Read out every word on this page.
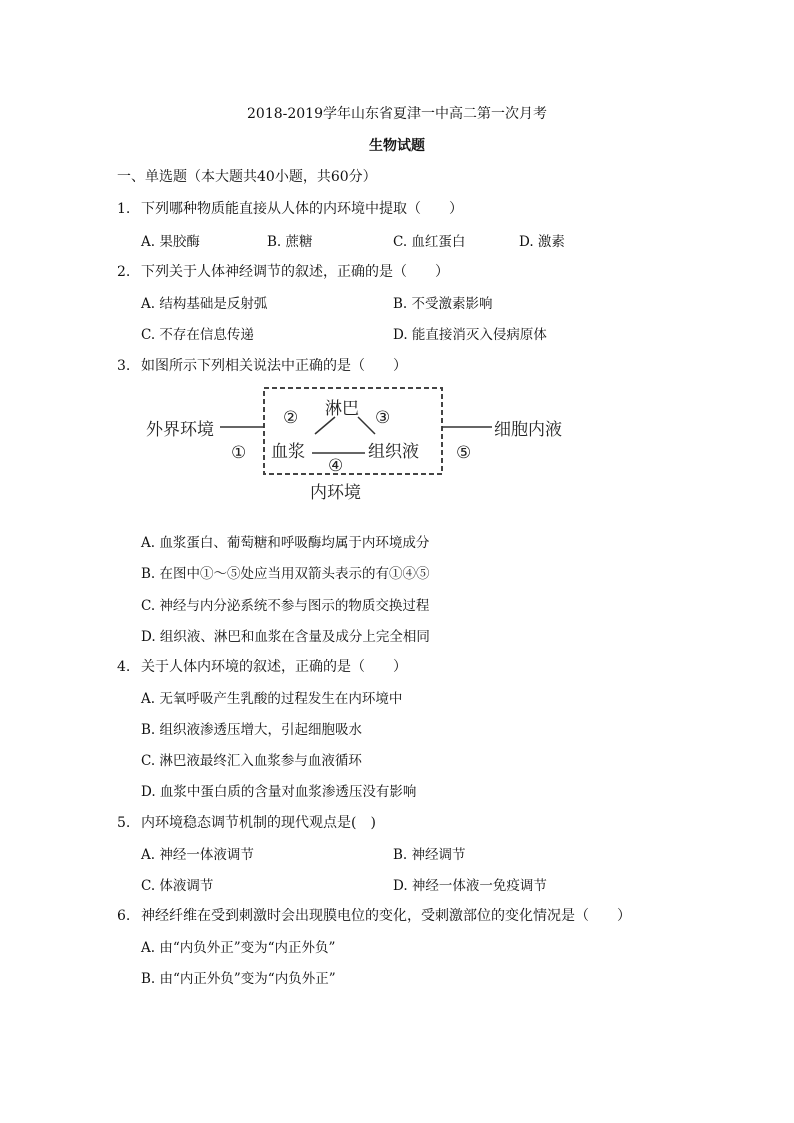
2018-2019学年山东省夏津一中高二第一次月考
生物试题
一、单选题（本大题共40小题，共60分）
1. 下列哪种物质能直接从人体的内环境中提取（　　）
A. 果胶酶	B. 蔗糖	C. 血红蛋白	D. 激素
2. 下列关于人体神经调节的叙述，正确的是（　　）
A. 结构基础是反射弧	B. 不受激素影响
C. 不存在信息传递	D. 能直接消灭入侵病原体
3. 如图所示下列相关说法中正确的是（　　）
外界环境	细胞内液
淋巴
血浆	组织液
内环境
①
②	③
④
⑤
A. 血浆蛋白、葡萄糖和呼吸酶均属于内环境成分
B. 在图中①～⑤处应当用双箭头表示的有①④⑤
C. 神经与内分泌系统不参与图示的物质交换过程
D. 组织液、淋巴和血浆在含量及成分上完全相同
4. 关于人体内环境的叙述，正确的是（　　）
A. 无氧呼吸产生乳酸的过程发生在内环境中
B. 组织液渗透压增大，引起细胞吸水
C. 淋巴液最终汇入血浆参与血液循环
D. 血浆中蛋白质的含量对血浆渗透压没有影响
5. 内环境稳态调节机制的现代观点是(　)
A. 神经一体液调节	B. 神经调节
C. 体液调节	D. 神经一体液一免疫调节
6. 神经纤维在受到刺激时会出现膜电位的变化，受刺激部位的变化情况是（　　）
A. 由“内负外正”变为“内正外负”
B. 由“内正外负”变为“内负外正”
